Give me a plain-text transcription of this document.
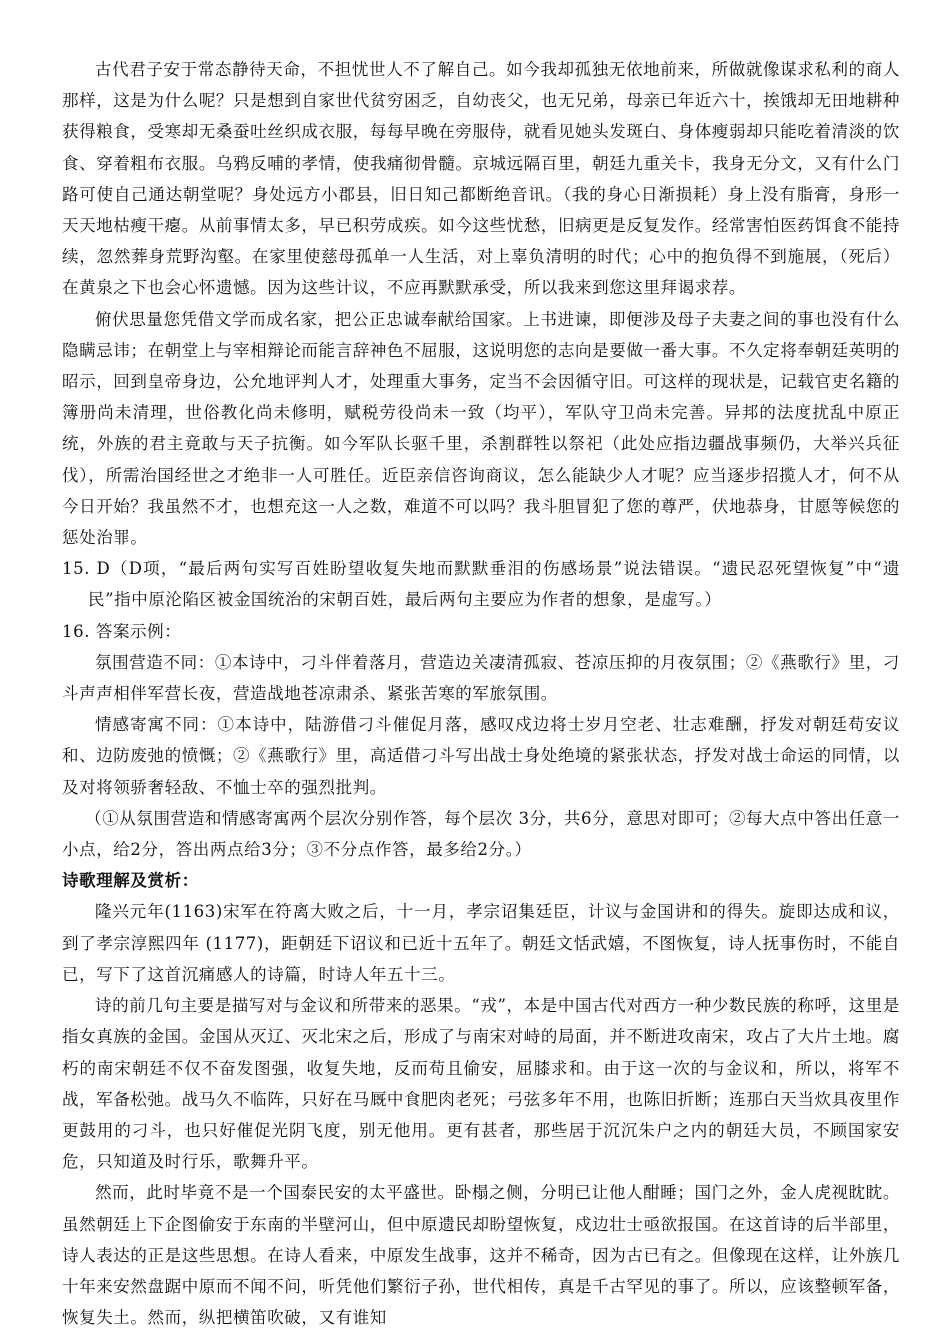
古代君子安于常态静待天命，不担忧世人不了解自己。如今我却孤独无依地前来，所做就像谋求私利的商人那样，这是为什么呢？只是想到自家世代贫穷困乏，自幼丧父，也无兄弟，母亲已年近六十，挨饿却无田地耕种获得粮食，受寒却无桑蚕吐丝织成衣服，每每早晚在旁服侍，就看见她头发斑白、身体瘦弱却只能吃着清淡的饮食、穿着粗布衣服。乌鸦反哺的孝情，使我痛彻骨髓。京城远隔百里，朝廷九重关卡，我身无分文，又有什么门路可使自己通达朝堂呢？身处远方小郡县，旧日知己都断绝音讯。（我的身心日渐损耗）身上没有脂膏，身形一天天地枯瘦干瘪。从前事情太多，早已积劳成疾。如今这些忧愁，旧病更是反复发作。经常害怕医药饵食不能持续，忽然葬身荒野沟壑。在家里使慈母孤单一人生活，对上辜负清明的时代；心中的抱负得不到施展，（死后）在黄泉之下也会心怀遗憾。因为这些计议，不应再默默承受，所以我来到您这里拜谒求荐。

俯伏思量您凭借文学而成名家，把公正忠诚奉献给国家。上书进谏，即便涉及母子夫妻之间的事也没有什么隐瞒忌讳；在朝堂上与宰相辩论而能言辞神色不屈服，这说明您的志向是要做一番大事。不久定将奉朝廷英明的昭示，回到皇帝身边，公允地评判人才，处理重大事务，定当不会因循守旧。可这样的现状是，记载官吏名籍的簿册尚未清理，世俗教化尚未修明，赋税劳役尚未一致（均平），军队守卫尚未完善。异邦的法度扰乱中原正统，外族的君主竟敢与天子抗衡。如今军队长驱千里，杀割群牲以祭祀（此处应指边疆战事频仍，大举兴兵征伐），所需治国经世之才绝非一人可胜任。近臣亲信咨询商议，怎么能缺少人才呢？应当逐步招揽人才，何不从今日开始？我虽然不才，也想充这一人之数，难道不可以吗？我斗胆冒犯了您的尊严，伏地恭身，甘愿等候您的惩处治罪。

15. D（D项，“最后两句实写百姓盼望收复失地而默默垂泪的伤感场景”说法错误。“遗民忍死望恢复”中“遗民”指中原沦陷区被金国统治的宋朝百姓，最后两句主要应为作者的想象，是虚写。）

16. 答案示例：

氛围营造不同：①本诗中，刁斗伴着落月，营造边关凄清孤寂、苍凉压抑的月夜氛围；②《燕歌行》里，刁斗声声相伴军营长夜，营造战地苍凉肃杀、紧张苦寒的军旅氛围。

情感寄寓不同：①本诗中，陆游借刁斗催促月落，感叹戍边将士岁月空老、壮志难酬，抒发对朝廷苟安议和、边防废弛的愤慨；②《燕歌行》里，高适借刁斗写出战士身处绝境的紧张状态，抒发对战士命运的同情，以及对将领骄奢轻敌、不恤士卒的强烈批判。

（①从氛围营造和情感寄寓两个层次分别作答，每个层次 3分，共6分，意思对即可；②每大点中答出任意一小点，给2分，答出两点给3分；③不分点作答，最多给2分。）

诗歌理解及赏析：

隆兴元年(1163)宋军在符离大败之后，十一月，孝宗诏集廷臣，计议与金国讲和的得失。旋即达成和议，到了孝宗淳熙四年 (1177)，距朝廷下诏议和已近十五年了。朝廷文恬武嬉，不图恢复，诗人抚事伤时，不能自已，写下了这首沉痛感人的诗篇，时诗人年五十三。

诗的前几句主要是描写对与金议和所带来的恶果。“戎”，本是中国古代对西方一种少数民族的称呼，这里是指女真族的金国。金国从灭辽、灭北宋之后，形成了与南宋对峙的局面，并不断进攻南宋，攻占了大片土地。腐朽的南宋朝廷不仅不奋发图强，收复失地，反而苟且偷安，屈膝求和。由于这一次的与金议和，所以，将军不战，军备松弛。战马久不临阵，只好在马厩中食肥肉老死；弓弦多年不用，也陈旧折断；连那白天当炊具夜里作更鼓用的刁斗，也只好催促光阴飞度，别无他用。更有甚者，那些居于沉沉朱户之内的朝廷大员，不顾国家安危，只知道及时行乐，歌舞升平。

然而，此时毕竟不是一个国泰民安的太平盛世。卧榻之侧，分明已让他人酣睡；国门之外，金人虎视眈眈。虽然朝廷上下企图偷安于东南的半壁河山，但中原遗民却盼望恢复，戍边壮士亟欲报国。在这首诗的后半部里，诗人表达的正是这些思想。在诗人看来，中原发生战事，这并不稀奇，因为古已有之。但像现在这样，让外族几十年来安然盘踞中原而不闻不问，听凭他们繁衍子孙，世代相传，真是千古罕见的事了。所以，应该整顿军备，恢复失土。然而，纵把横笛吹破，又有谁知
